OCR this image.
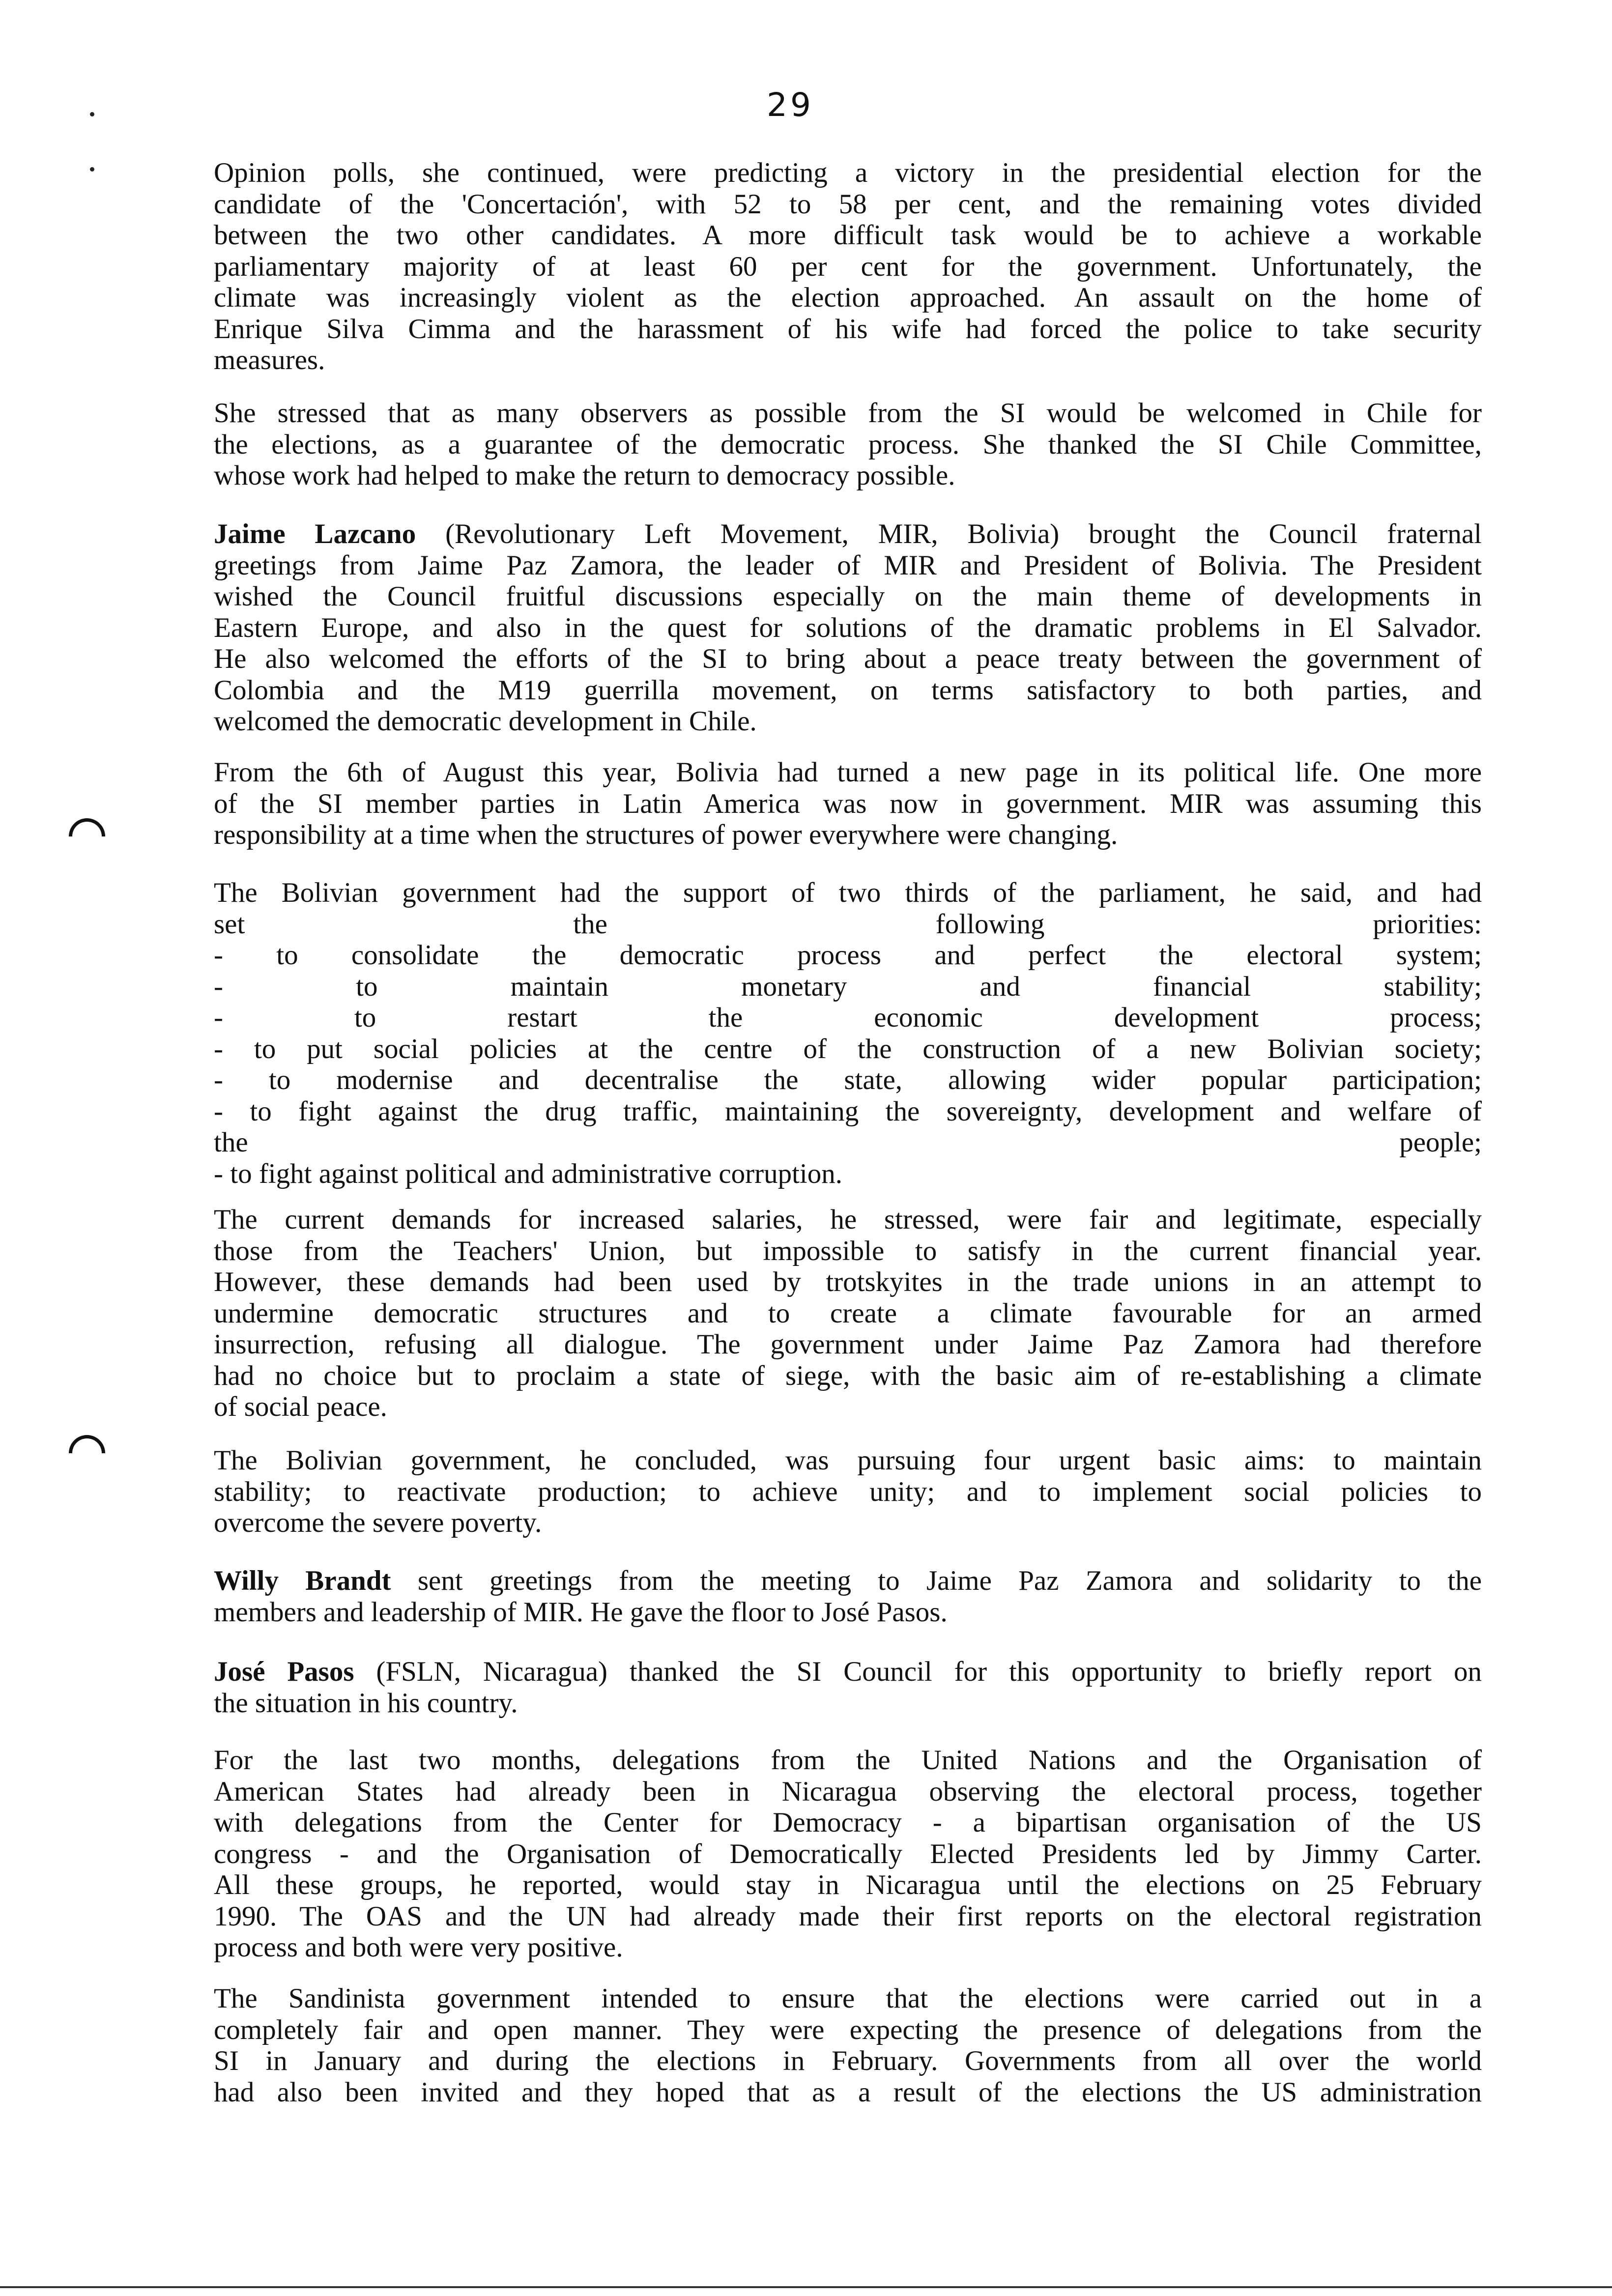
29
Opinion polls, she continued, were predicting a victory in the presidential election for the
candidate of the 'Concertación', with 52 to 58 per cent, and the remaining votes divided
between the two other candidates. A more difficult task would be to achieve a workable
parliamentary majority of at least 60 per cent for the government. Unfortunately, the
climate was increasingly violent as the election approached. An assault on the home of
Enrique Silva Cimma and the harassment of his wife had forced the police to take security
measures.
She stressed that as many observers as possible from the SI would be welcomed in Chile for
the elections, as a guarantee of the democratic process. She thanked the SI Chile Committee,
whose work had helped to make the return to democracy possible.
Jaime Lazcano (Revolutionary Left Movement, MIR, Bolivia) brought the Council fraternal
greetings from Jaime Paz Zamora, the leader of MIR and President of Bolivia. The President
wished the Council fruitful discussions especially on the main theme of developments in
Eastern Europe, and also in the quest for solutions of the dramatic problems in El Salvador.
He also welcomed the efforts of the SI to bring about a peace treaty between the government of
Colombia and the M19 guerrilla movement, on terms satisfactory to both parties, and
welcomed the democratic development in Chile.
From the 6th of August this year, Bolivia had turned a new page in its political life. One more
of the SI member parties in Latin America was now in government. MIR was assuming this
responsibility at a time when the structures of power everywhere were changing.
The Bolivian government had the support of two thirds of the parliament, he said, and had
set the following priorities:
- to consolidate the democratic process and perfect the electoral system;
- to maintain monetary and financial stability;
- to restart the economic development process;
- to put social policies at the centre of the construction of a new Bolivian society;
- to modernise and decentralise the state, allowing wider popular participation;
- to fight against the drug traffic, maintaining the sovereignty, development and welfare of
the people;
- to fight against political and administrative corruption.
The current demands for increased salaries, he stressed, were fair and legitimate, especially
those from the Teachers' Union, but impossible to satisfy in the current financial year.
However, these demands had been used by trotskyites in the trade unions in an attempt to
undermine democratic structures and to create a climate favourable for an armed
insurrection, refusing all dialogue. The government under Jaime Paz Zamora had therefore
had no choice but to proclaim a state of siege, with the basic aim of re-establishing a climate
of social peace.
The Bolivian government, he concluded, was pursuing four urgent basic aims: to maintain
stability; to reactivate production; to achieve unity; and to implement social policies to
overcome the severe poverty.
Willy Brandt sent greetings from the meeting to Jaime Paz Zamora and solidarity to the
members and leadership of MIR. He gave the floor to José Pasos.
José Pasos (FSLN, Nicaragua) thanked the SI Council for this opportunity to briefly report on
the situation in his country.
For the last two months, delegations from the United Nations and the Organisation of
American States had already been in Nicaragua observing the electoral process, together
with delegations from the Center for Democracy - a bipartisan organisation of the US
congress - and the Organisation of Democratically Elected Presidents led by Jimmy Carter.
All these groups, he reported, would stay in Nicaragua until the elections on 25 February
1990. The OAS and the UN had already made their first reports on the electoral registration
process and both were very positive.
The Sandinista government intended to ensure that the elections were carried out in a
completely fair and open manner. They were expecting the presence of delegations from the
SI in January and during the elections in February. Governments from all over the world
had also been invited and they hoped that as a result of the elections the US administration
